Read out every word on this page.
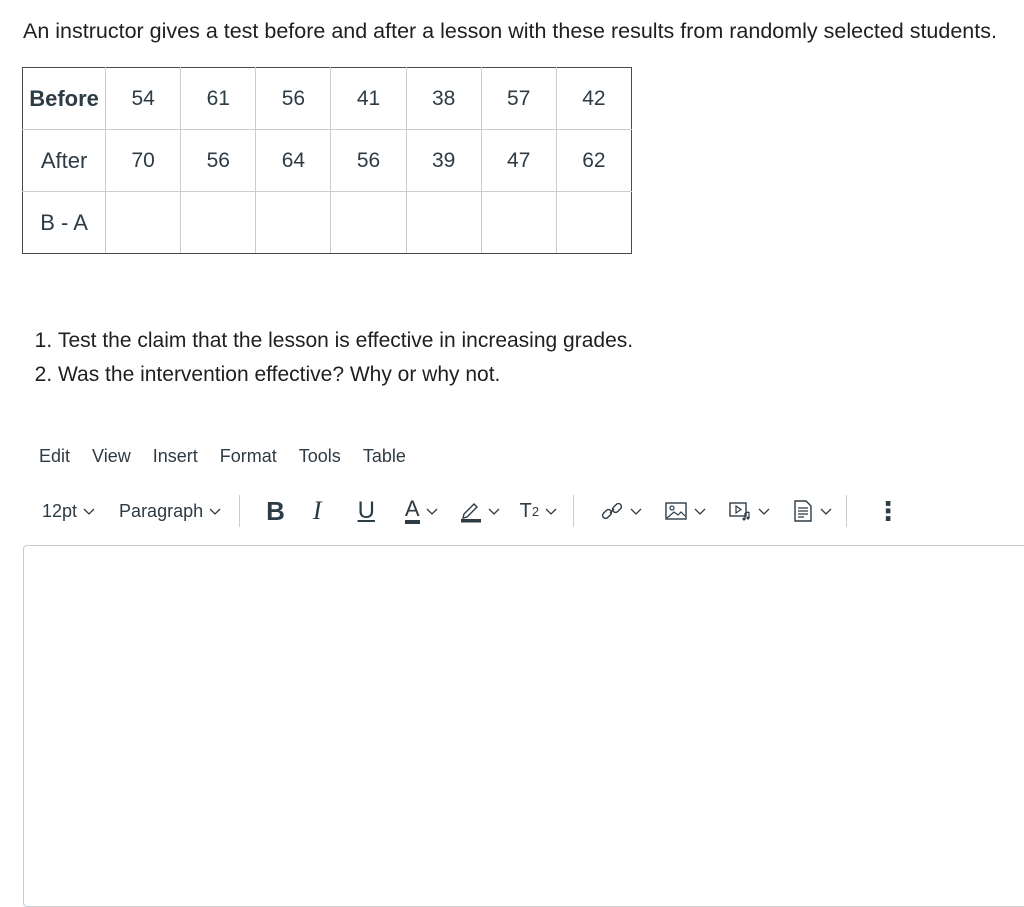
An instructor gives a test before and after a lesson with these results from randomly selected students.
Before	54	61	56	41	38	57	42
After	70	56	64	56	39	47	62
B - A							
1. Test the claim that the lesson is effective in increasing grades.
2. Was the intervention effective? Why or why not.
Edit View Insert Format Tools Table
12pt Paragraph B I U A	T 2	⋮
